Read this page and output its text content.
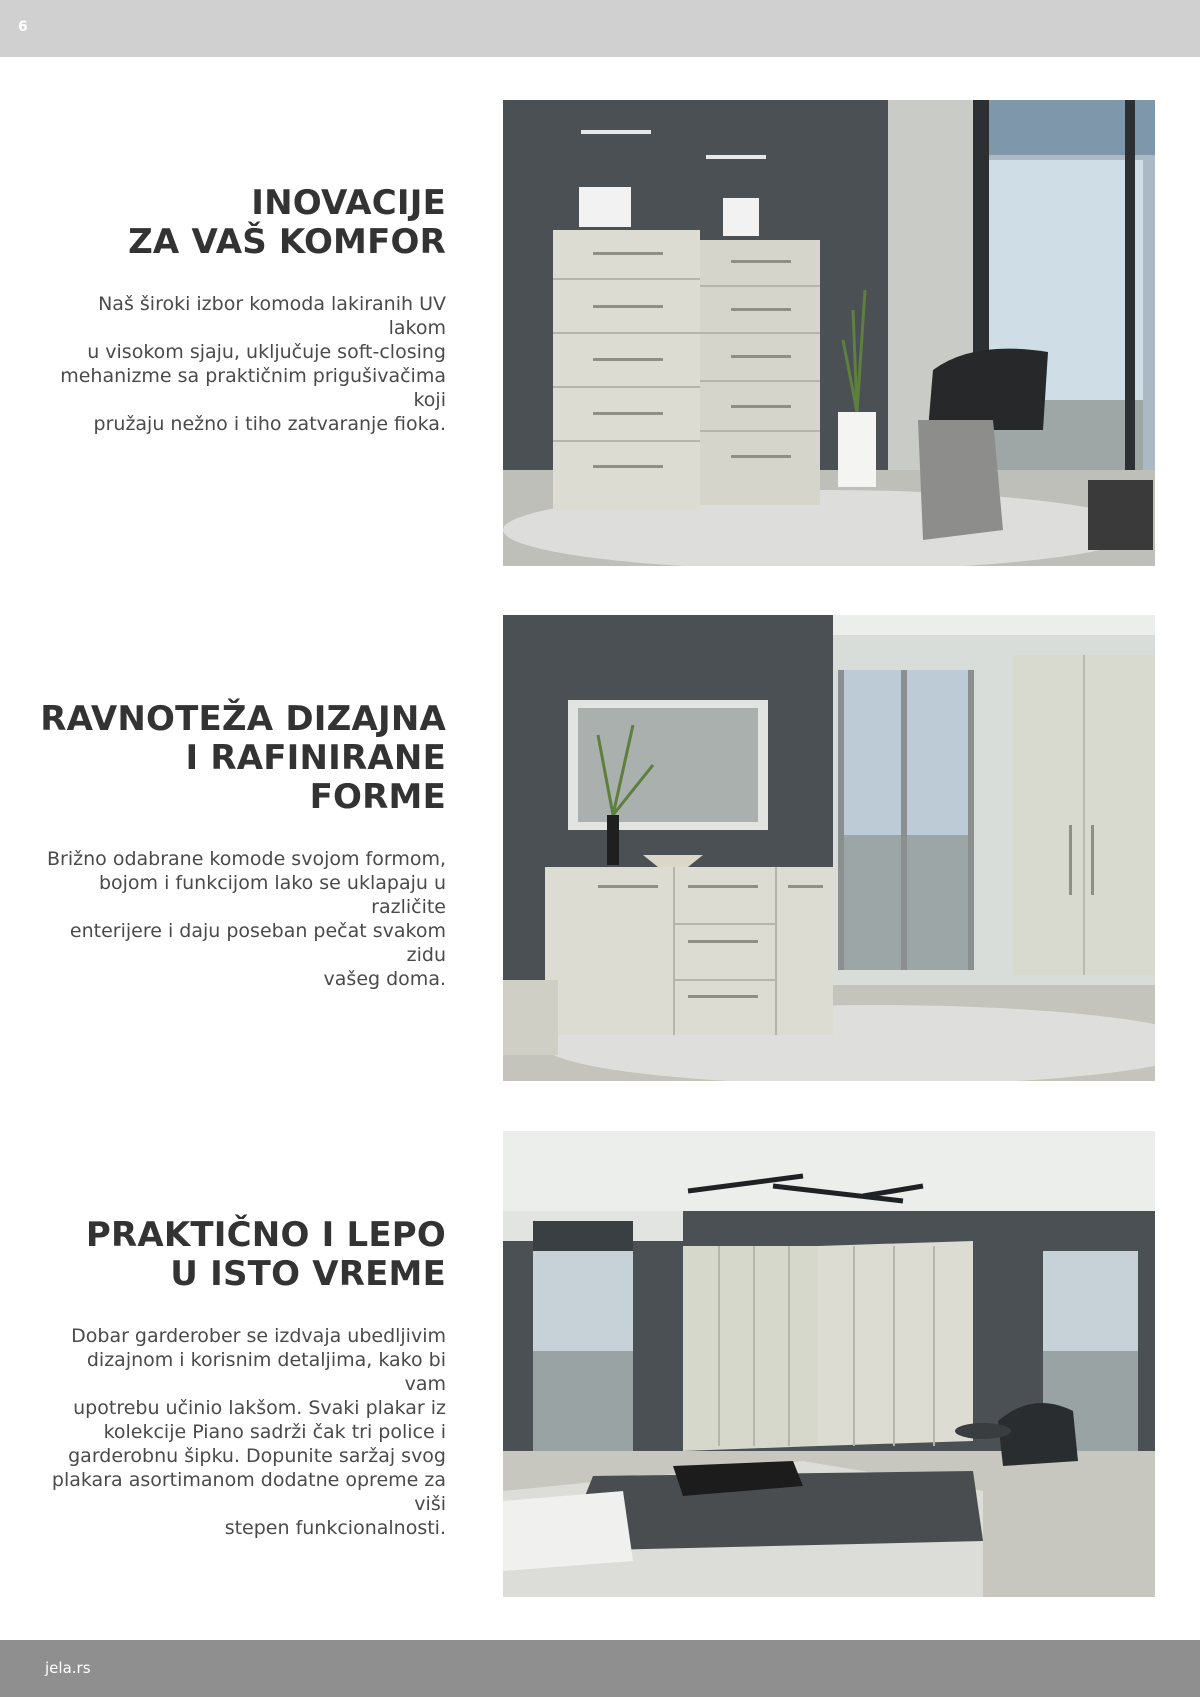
6
INOVACIJE
ZA VAŠ KOMFOR
Naš široki izbor komoda lakiranih UV lakom
u visokom sjaju, uključuje soft-closing
mehanizme sa praktičnim prigušivačima koji
pružaju nežno i tiho zatvaranje fioka.
RAVNOTEŽA DIZAJNA
I RAFINIRANE FORME
Brižno odabrane komode svojom formom,
bojom i funkcijom lako se uklapaju u različite
enterijere i daju poseban pečat svakom zidu
vašeg doma.
PRAKTIČNO I LEPO
U ISTO VREME
Dobar garderober se izdvaja ubedljivim
dizajnom i korisnim detaljima, kako bi vam
upotrebu učinio lakšom. Svaki plakar iz
kolekcije Piano sadrži čak tri police i
garderobnu šipku. Dopunite saržaj svog
plakara asortimanom dodatne opreme za viši
stepen funkcionalnosti.
jela.rs
